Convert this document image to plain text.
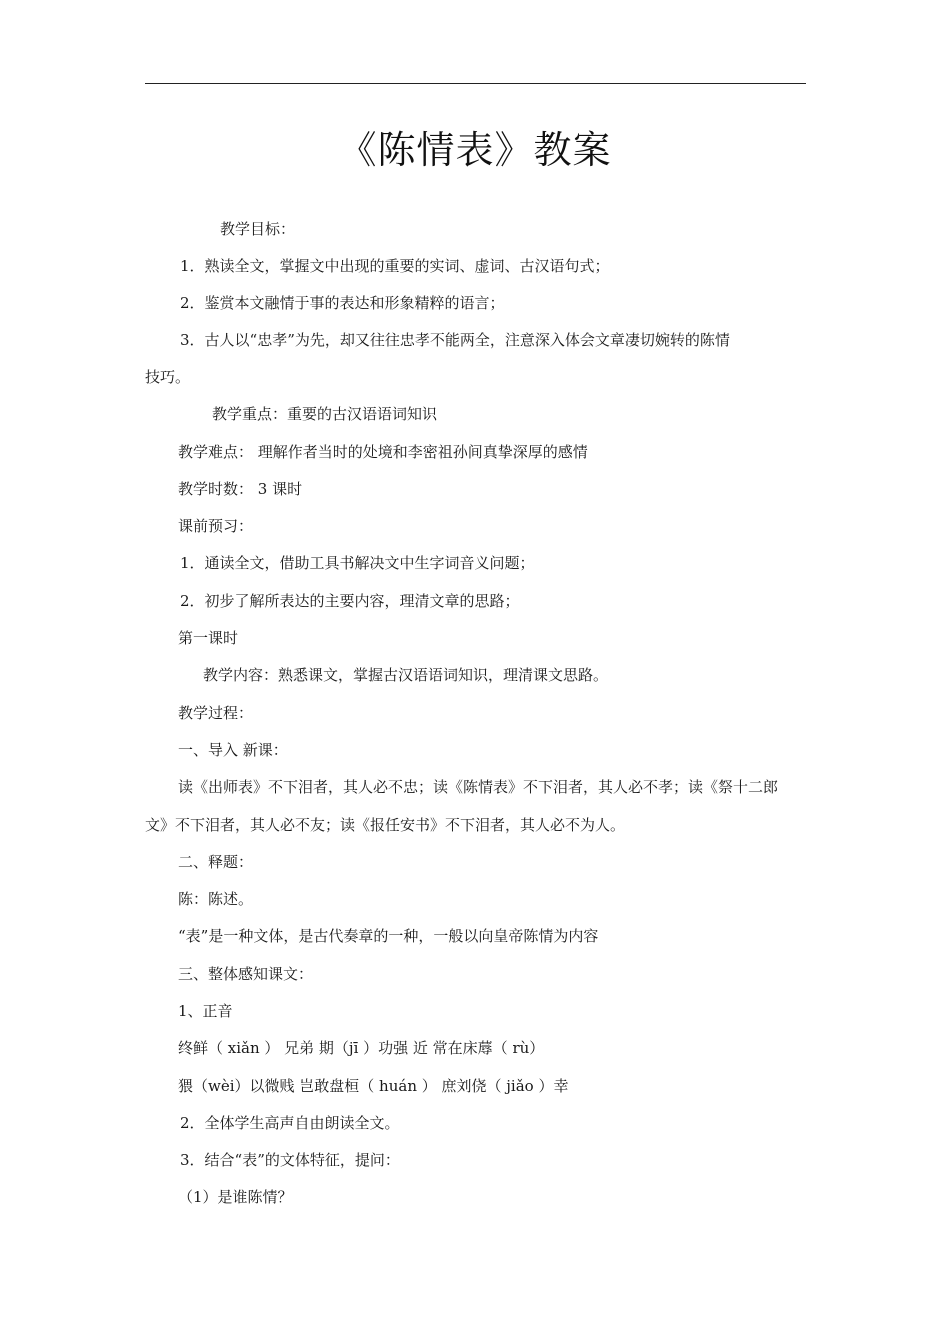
《陈情表》教案
教学目标：
1．熟读全文，掌握文中出现的重要的实词、虚词、古汉语句式；
2．鉴赏本文融情于事的表达和形象精粹的语言；
3．古人以“忠孝”为先，却又往往忠孝不能两全，注意深入体会文章凄切婉转的陈情
技巧。
教学重点：重要的古汉语语词知识
教学难点： 理解作者当时的处境和李密祖孙间真挚深厚的感情
教学时数： 3 课时
课前预习：
1．通读全文，借助工具书解决文中生字词音义问题；
2．初步了解所表达的主要内容，理清文章的思路；
第一课时
教学内容：熟悉课文，掌握古汉语语词知识，理清课文思路。
教学过程：
一、导入 新课：
读《出师表》不下泪者，其人必不忠；读《陈情表》不下泪者，其人必不孝；读《祭十二郎
文》不下泪者，其人必不友；读《报任安书》不下泪者，其人必不为人。
二、释题：
陈：陈述。
“表”是一种文体，是古代奏章的一种，一般以向皇帝陈情为内容
三、整体感知课文：
1、正音
终鲜（ xiǎn ） 兄弟 期（jī ）功强 近 常在床蓐（ rù）
猥（wèi）以微贱 岂敢盘桓（ huán ） 庶刘侥（ jiǎo ）幸
2．全体学生高声自由朗读全文。
3．结合“表”的文体特征，提问：
（1）是谁陈情？
